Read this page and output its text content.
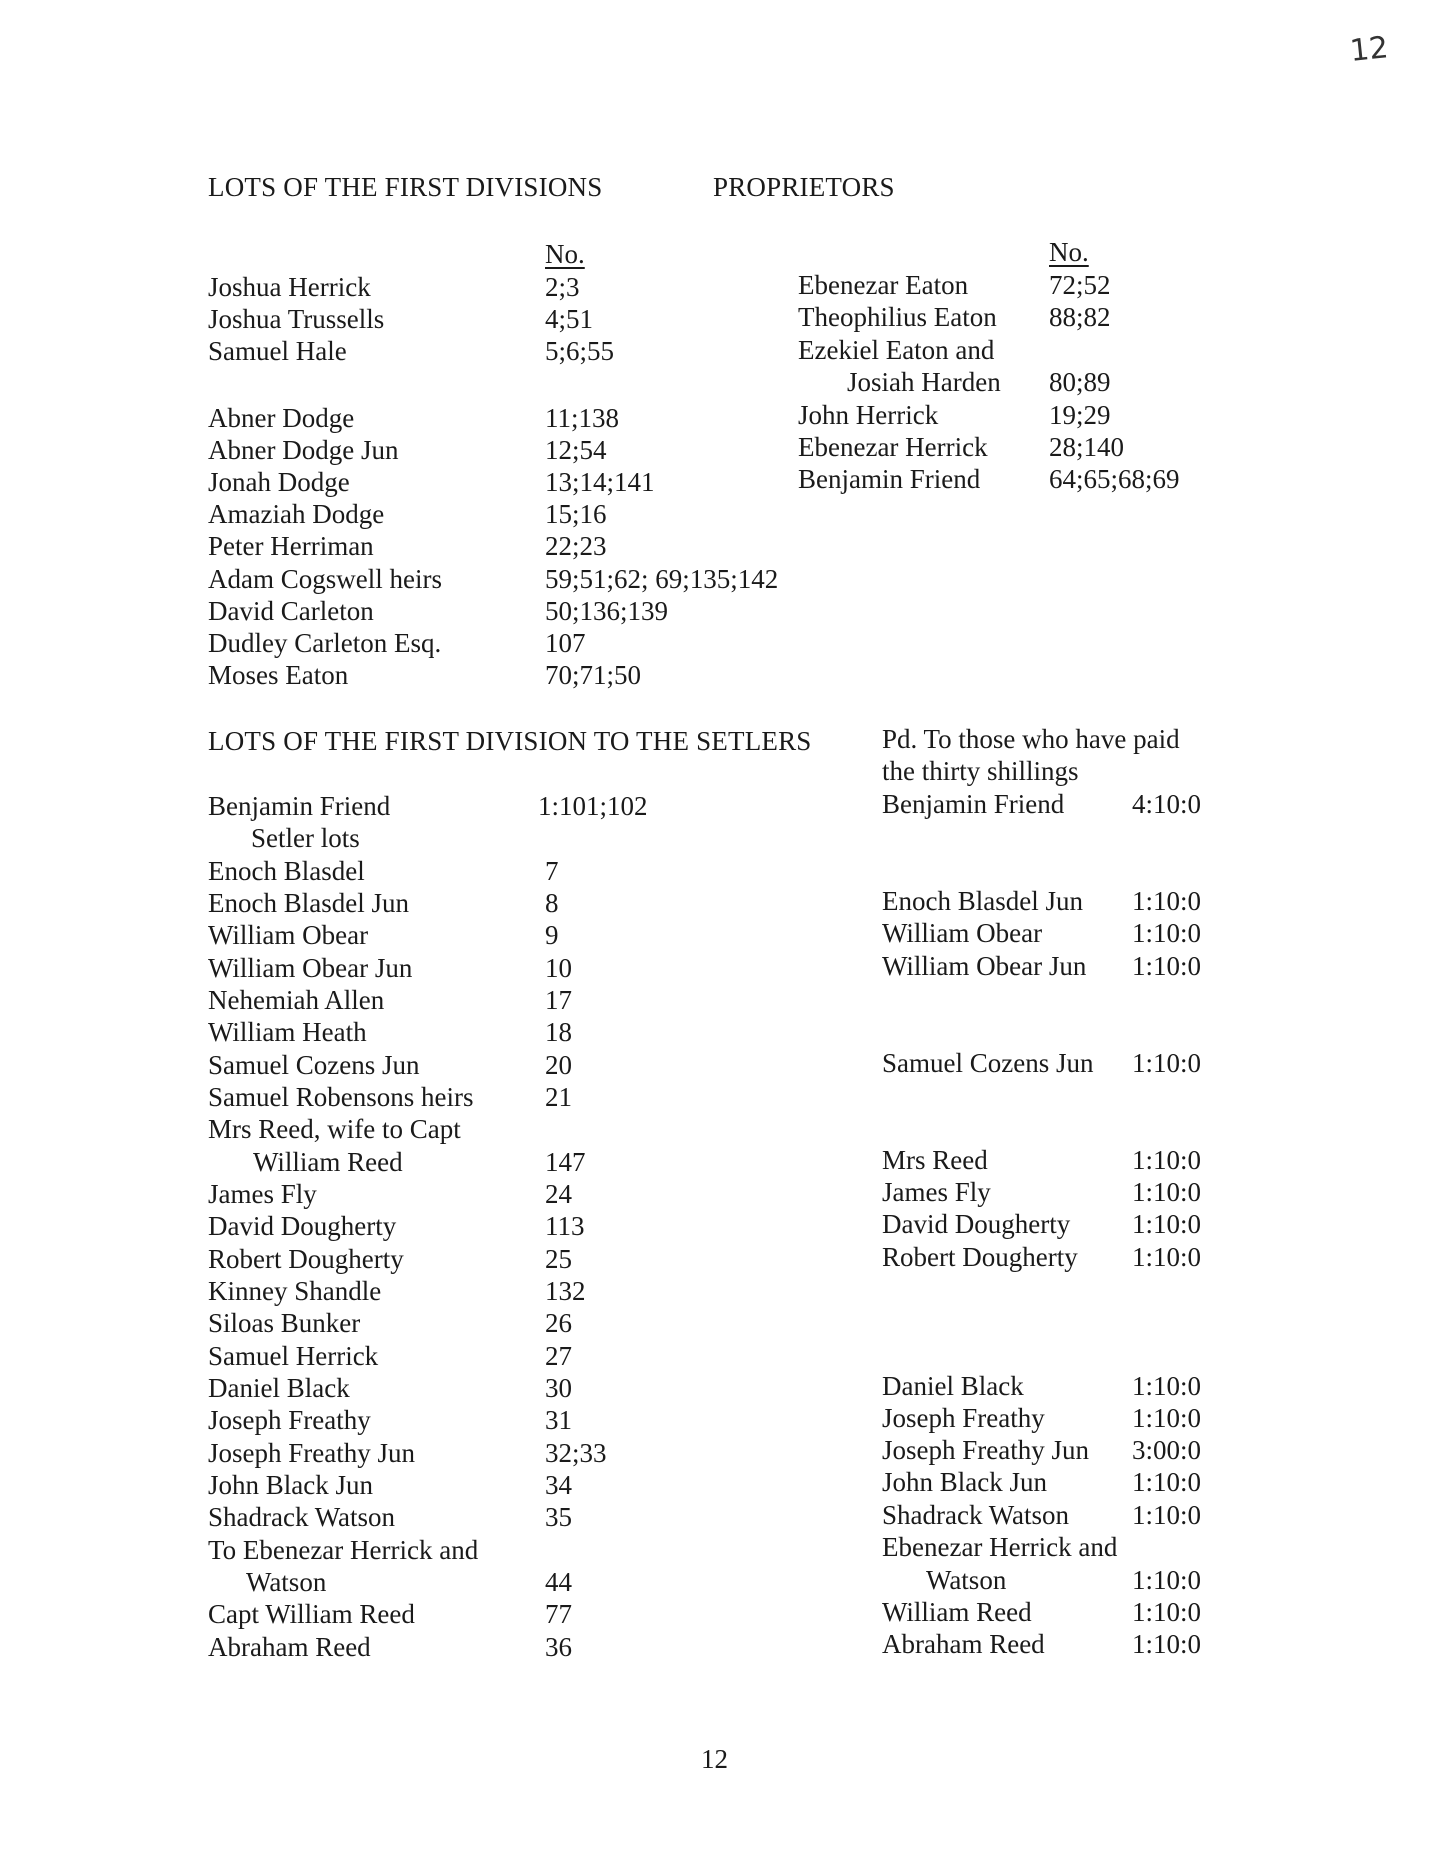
12
LOTS OF THE FIRST DIVISIONS	PROPRIETORS
No.	No.
Joshua Herrick	2;3
Joshua Trussells	4;51
Samuel Hale	5;6;55
Abner Dodge	11;138
Abner Dodge Jun	12;54
Jonah Dodge	13;14;141
Amaziah Dodge	15;16
Peter Herriman	22;23
Adam Cogswell heirs	59;51;62; 69;135;142
David Carleton	50;136;139
Dudley Carleton Esq.	107
Moses Eaton	70;71;50
Ebenezar Eaton	72;52
Theophilius Eaton 88;82
Ezekiel Eaton and
Josiah Harden 80;89
John Herrick	19;29
Ebenezar Herrick 28;140
Benjamin Friend	64;65;68;69
LOTS OF THE FIRST DIVISION TO THE SETLERS	Pd. To those who have paid
the thirty shillings
Benjamin Friend	1:101;102
Setler lots
Enoch Blasdel	7
Enoch Blasdel Jun	8
William Obear	9
William Obear Jun	10
Nehemiah Allen	17
William Heath	18
Samuel Cozens Jun	20
Samuel Robensons heirs	21
Mrs Reed, wife to Capt
William Reed	147
James Fly	24
David Dougherty	113
Robert Dougherty	25
Kinney Shandle	132
Siloas Bunker	26
Samuel Herrick	27
Daniel Black	30
Joseph Freathy	31
Joseph Freathy Jun	32;33
John Black Jun	34
Shadrack Watson	35
To Ebenezar Herrick and
Watson	44
Capt William Reed	77
Abraham Reed	36
Benjamin Friend	4:10:0
Enoch Blasdel Jun 1:10:0
William Obear	1:10:0
William Obear Jun 1:10:0
Samuel Cozens Jun 1:10:0
Mrs Reed	1:10:0
James Fly	1:10:0
David Dougherty 1:10:0
Robert Dougherty 1:10:0
Daniel Black	1:10:0
Joseph Freathy	1:10:0
Joseph Freathy Jun 3:00:0
John Black Jun	1:10:0
Shadrack Watson 1:10:0
Ebenezar Herrick and
Watson	1:10:0
William Reed	1:10:0
Abraham Reed	1:10:0
12
